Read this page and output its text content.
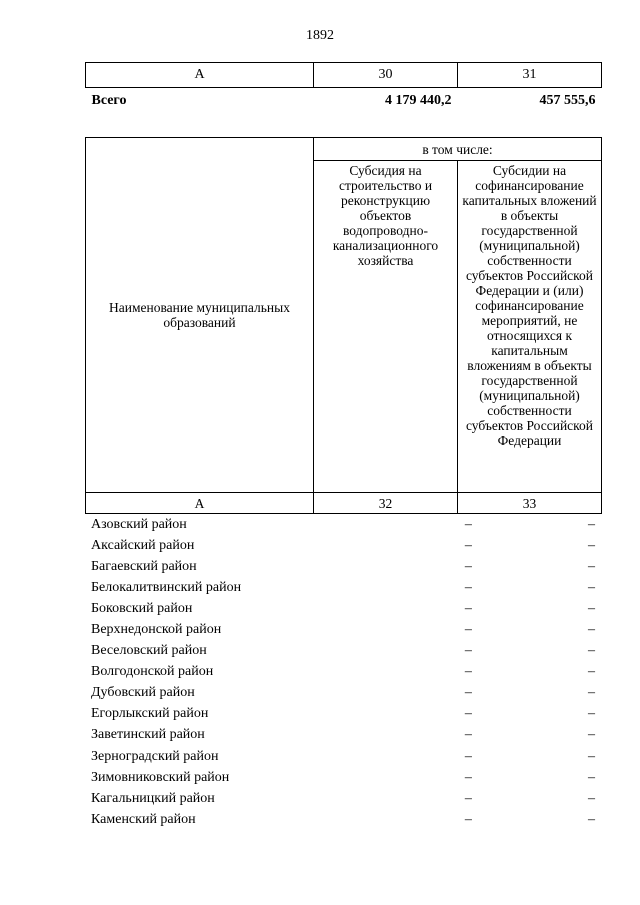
1892
А	30	31
Всего	4 179 440,2	457 555,6
Наименование муниципальных образований	в том числе:	

	Субсидия на строительство и реконструкцию объектов водопроводно-канализационного хозяйства	Субсидии на софинансирование капитальных вложений в объекты государственной (муниципальной) собственности субъектов Российской Федерации и (или) софинансирование мероприятий, не относящихся к капитальным вложениям в объекты государственной (муниципальной) собственности субъектов Российской Федерации

А	32	33
Азовский район	–	–
Аксайский район	–	–
Багаевский район	–	–
Белокалитвинский район	–	–
Боковский район	–	–
Верхнедонской район	–	–
Веселовский район	–	–
Волгодонской район	–	–
Дубовский район	–	–
Егорлыкский район	–	–
Заветинский район	–	–
Зерноградский район	–	–
Зимовниковский район	–	–
Кагальницкий район	–	–
Каменский район	–	–
